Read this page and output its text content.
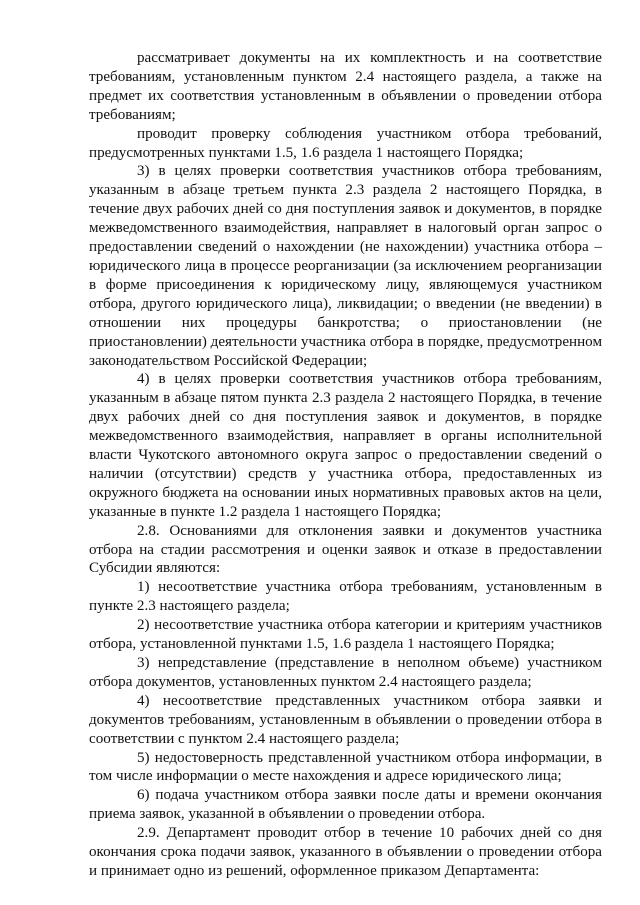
рассматривает документы на их комплектность и на соответствие требованиям, установленным пунктом 2.4 настоящего раздела, а также на предмет их соответствия установленным в объявлении о проведении отбора требованиям;

проводит проверку соблюдения участником отбора требований, предусмотренных пунктами 1.5, 1.6 раздела 1 настоящего Порядка;

3) в целях проверки соответствия участников отбора требованиям, указанным в абзаце третьем пункта 2.3 раздела 2 настоящего Порядка, в течение двух рабочих дней со дня поступления заявок и документов, в порядке межведомственного взаимодействия, направляет в налоговый орган запрос о предоставлении сведений о нахождении (не нахождении) участника отбора – юридического лица в процессе реорганизации (за исключением реорганизации в форме присоединения к юридическому лицу, являющемуся участником отбора, другого юридического лица), ликвидации; о введении (не введении) в отношении них процедуры банкротства; о приостановлении (не приостановлении) деятельности участника отбора в порядке, предусмотренном законодательством Российской Федерации;

4) в целях проверки соответствия участников отбора требованиям, указанным в абзаце пятом пункта 2.3 раздела 2 настоящего Порядка, в течение двух рабочих дней со дня поступления заявок и документов, в порядке межведомственного взаимодействия, направляет в органы исполнительной власти Чукотского автономного округа запрос о предоставлении сведений о наличии (отсутствии) средств у участника отбора, предоставленных из окружного бюджета на основании иных нормативных правовых актов на цели, указанные в пункте 1.2 раздела 1 настоящего Порядка;

2.8. Основаниями для отклонения заявки и документов участника отбора на стадии рассмотрения и оценки заявок и отказе в предоставлении Субсидии являются:

1) несоответствие участника отбора требованиям, установленным в пункте 2.3 настоящего раздела;

2) несоответствие участника отбора категории и критериям участников отбора, установленной пунктами 1.5, 1.6 раздела 1 настоящего Порядка;

3) непредставление (представление в неполном объеме) участником отбора документов, установленных пунктом 2.4 настоящего раздела;

4) несоответствие представленных участником отбора заявки и документов требованиям, установленным в объявлении о проведении отбора в соответствии с пунктом 2.4 настоящего раздела;

5) недостоверность представленной участником отбора информации, в том числе информации о месте нахождения и адресе юридического лица;

6) подача участником отбора заявки после даты и времени окончания приема заявок, указанной в объявлении о проведении отбора.

2.9. Департамент проводит отбор в течение 10 рабочих дней со дня окончания срока подачи заявок, указанного в объявлении о проведении отбора и принимает одно из решений, оформленное приказом Департамента:
